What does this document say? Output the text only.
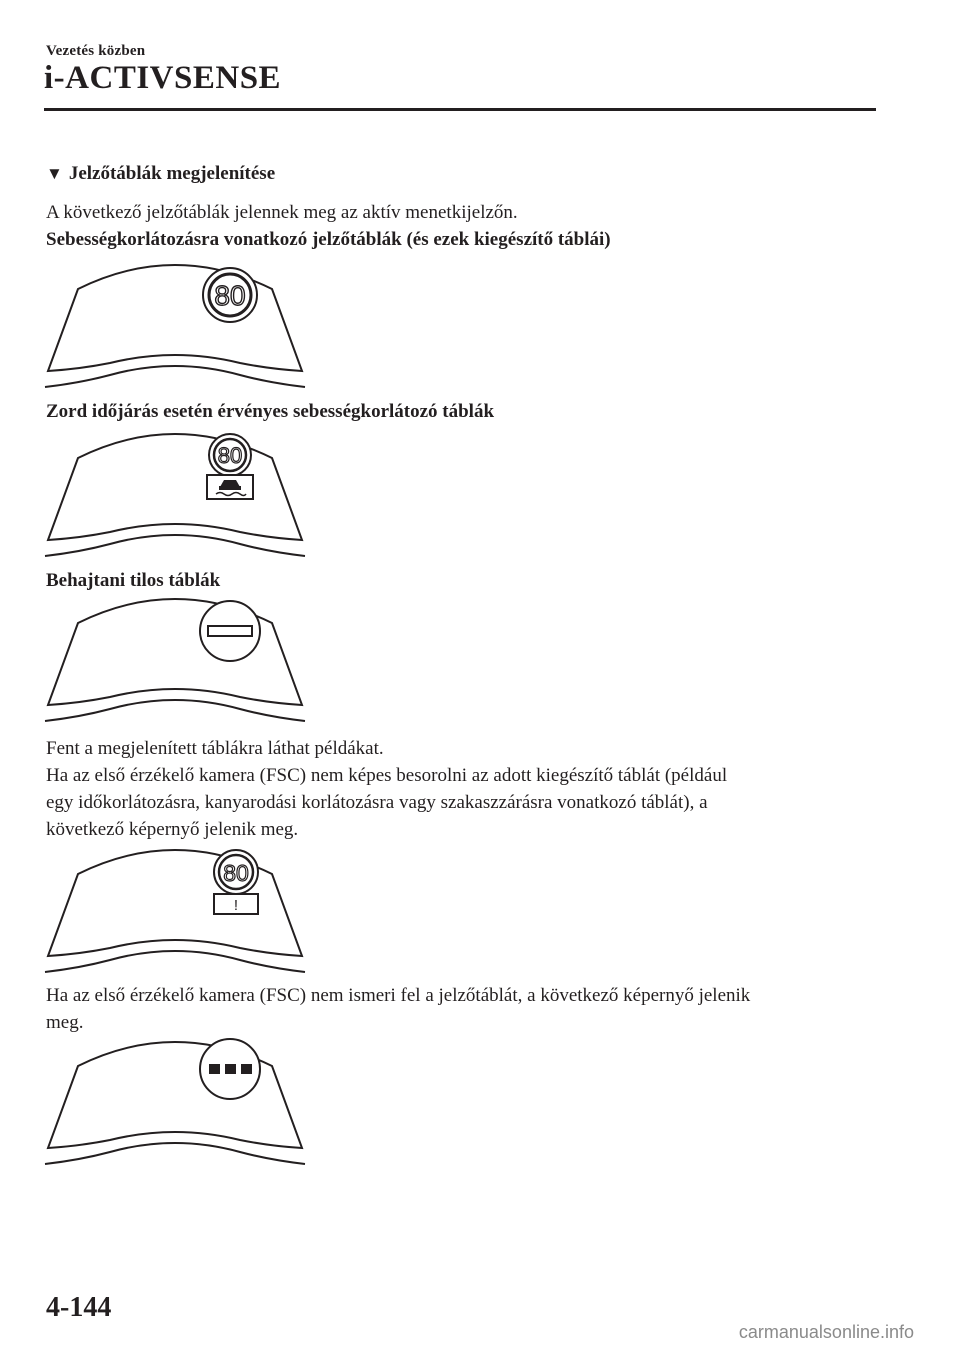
Vezetés közben
i-ACTIVSENSE
▼ Jelzőtáblák megjelenítése
A következő jelzőtáblák jelennek meg az aktív menetkijelzőn.
Sebességkorlátozásra vonatkozó jelzőtáblák (és ezek kiegészítő táblái)
80
Zord időjárás esetén érvényes sebességkorlátozó táblák
80
Behajtani tilos táblák
Fent a megjelenített táblákra láthat példákat.
Ha az első érzékelő kamera (FSC) nem képes besorolni az adott kiegészítő táblát (például
egy időkorlátozásra, kanyarodási korlátozásra vagy szakaszzárásra vonatkozó táblát), a
következő képernyő jelenik meg.
80
!
Ha az első érzékelő kamera (FSC) nem ismeri fel a jelzőtáblát, a következő képernyő jelenik
meg.
4-144
carmanualsonline.info
